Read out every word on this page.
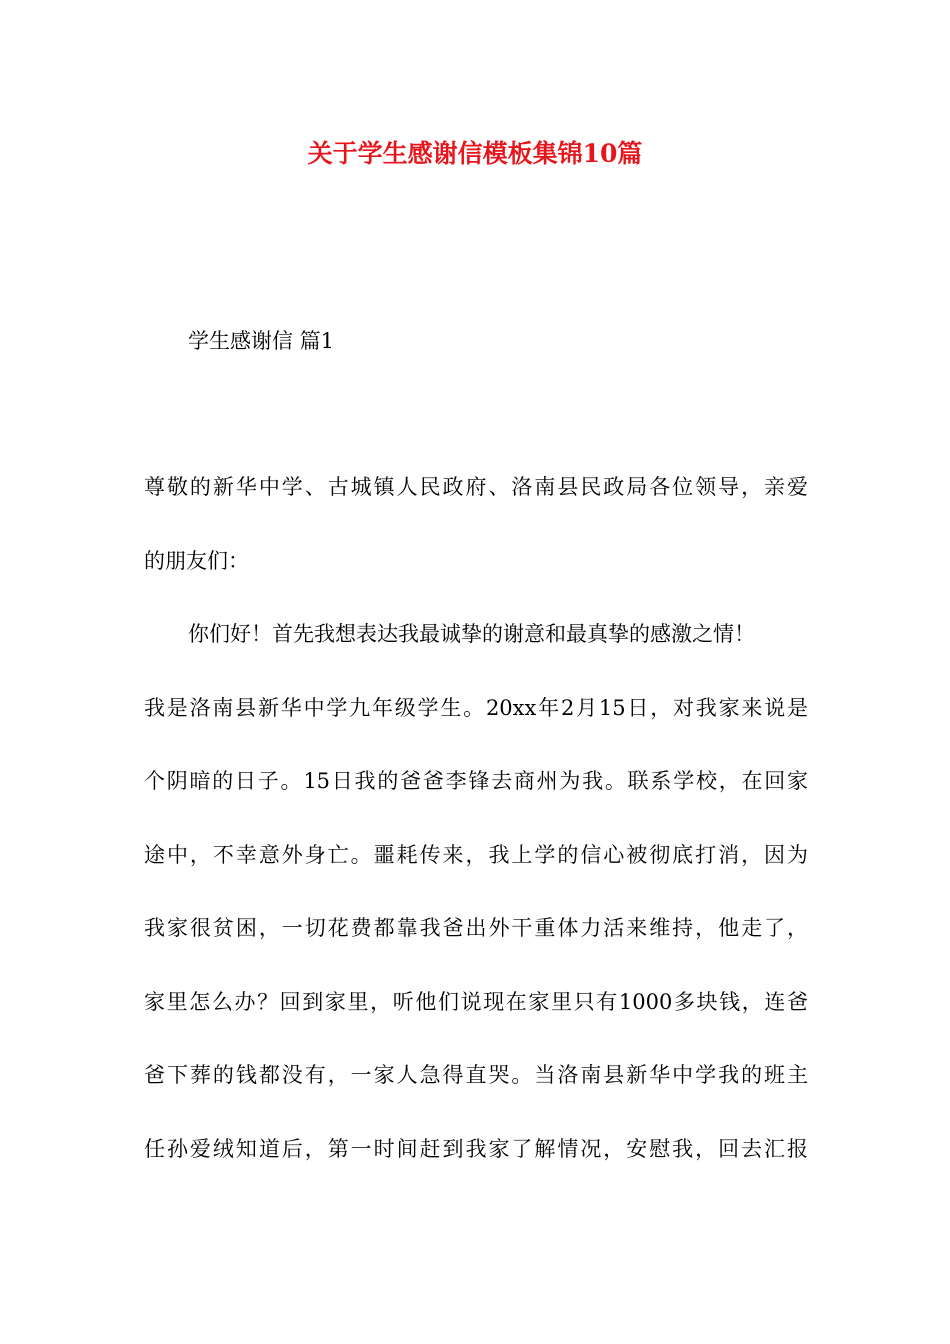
关于学生感谢信模板集锦10篇
学生感谢信 篇1
尊敬的新华中学、古城镇人民政府、洛南县民政局各位领导，亲爱
的朋友们：
你们好！首先我想表达我最诚挚的谢意和最真挚的感激之情！
我是洛南县新华中学九年级学生。20xx年2月15日，对我家来说是
个阴暗的日子。15日我的爸爸李锋去商州为我。联系学校，在回家
途中，不幸意外身亡。噩耗传来，我上学的信心被彻底打消，因为
我家很贫困，一切花费都靠我爸出外干重体力活来维持，他走了，
家里怎么办？回到家里，听他们说现在家里只有1000多块钱，连爸
爸下葬的钱都没有，一家人急得直哭。当洛南县新华中学我的班主
任孙爱绒知道后，第一时间赶到我家了解情况，安慰我，回去汇报
